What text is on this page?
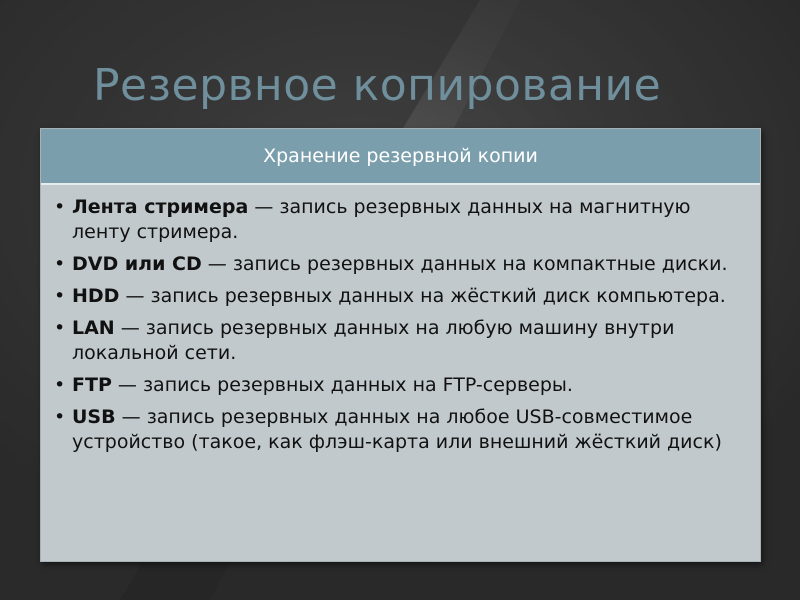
Резервное копирование
Хранение резервной копии
• Лента стримера — запись резервных данных на магнитную ленту стримера.
• DVD или CD — запись резервных данных на компактные диски.
• HDD — запись резервных данных на жёсткий диск компьютера.
• LAN — запись резервных данных на любую машину внутри локальной сети.
• FTP — запись резервных данных на FTP-серверы.
• USB — запись резервных данных на любое USB-совместимое устройство (такое, как флэш-карта или внешний жёсткий диск)
